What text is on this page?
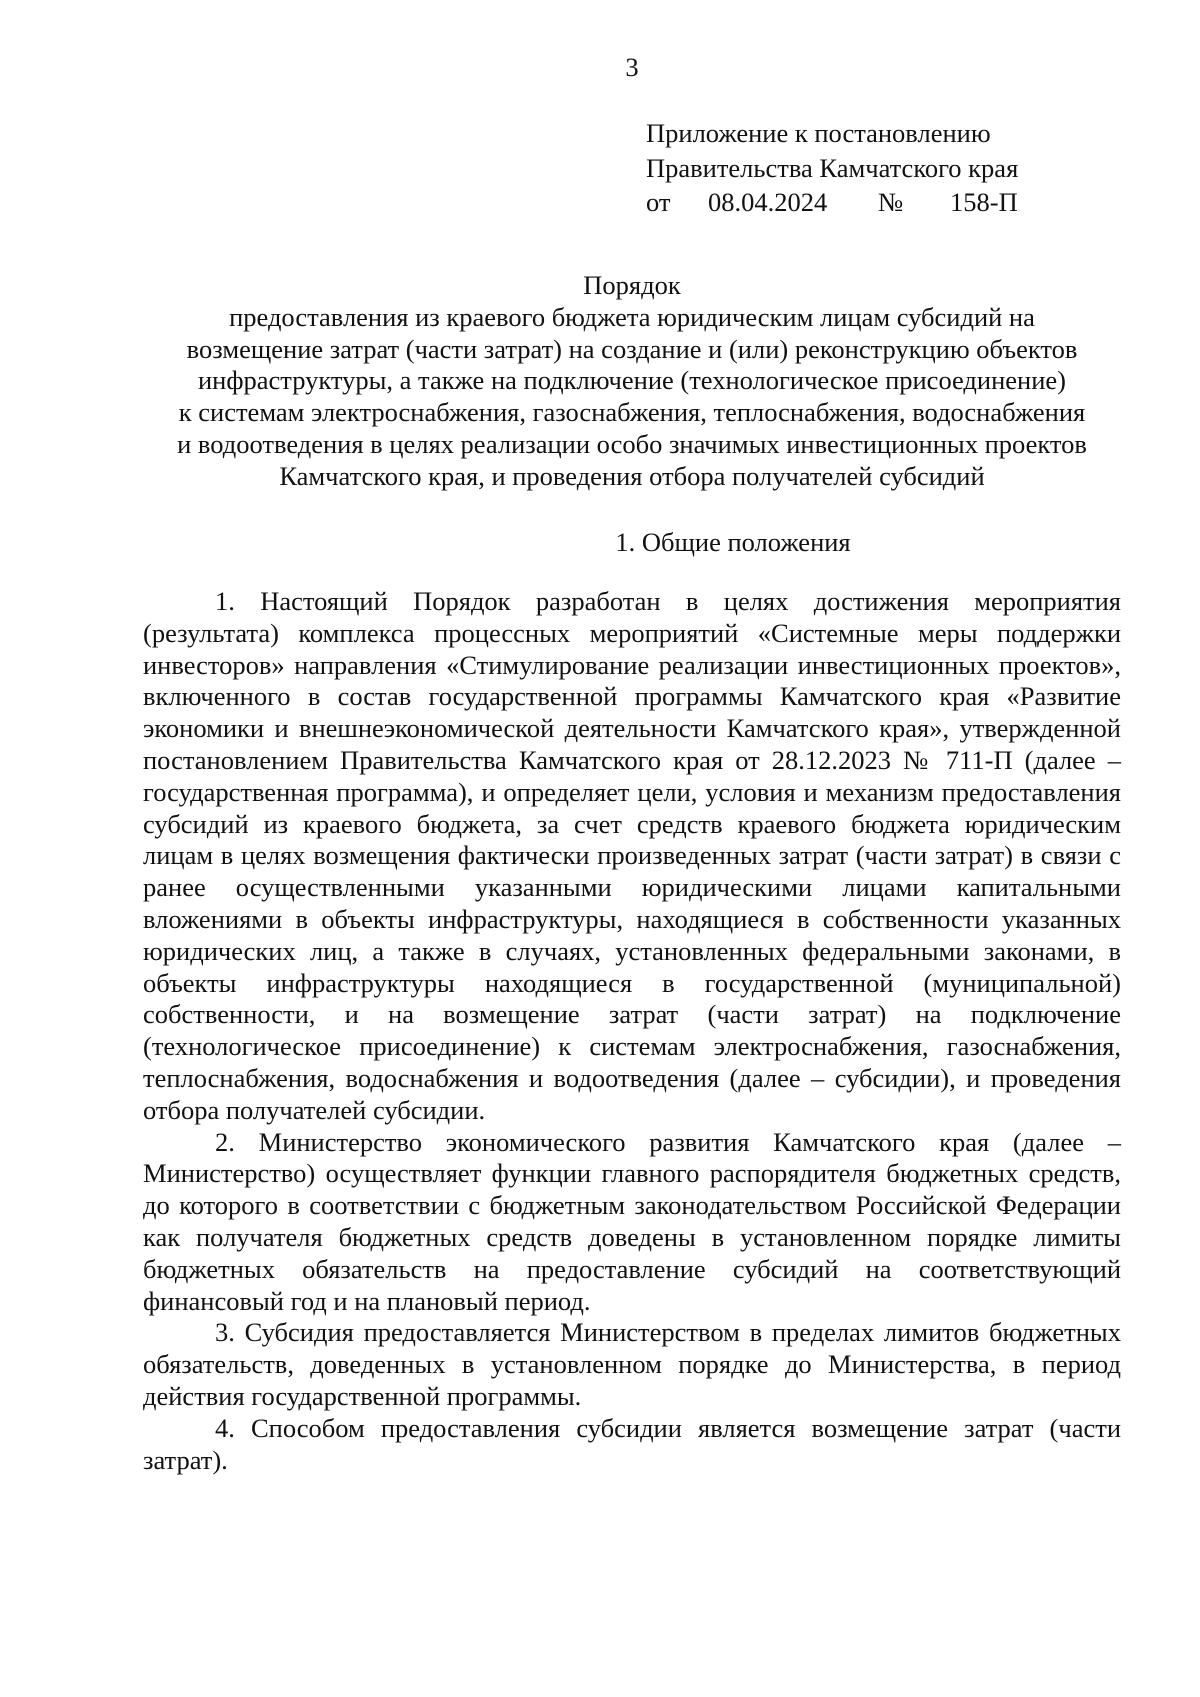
3
Приложение к постановлению
Правительства Камчатского края
от 08.04.2024 № 158-П
Порядок
предоставления из краевого бюджета юридическим лицам субсидий на
возмещение затрат (части затрат) на создание и (или) реконструкцию объектов
инфраструктуры, а также на подключение (технологическое присоединение)
к системам электроснабжения, газоснабжения, теплоснабжения, водоснабжения
и водоотведения в целях реализации особо значимых инвестиционных проектов
Камчатского края, и проведения отбора получателей субсидий
1. Общие положения

1. Настоящий Порядок разработан в целях достижения мероприятия (результата) комплекса процессных мероприятий «Системные меры поддержки инвесторов» направления «Стимулирование реализации инвестиционных проектов», включенного в состав государственной программы Камчатского края «Развитие экономики и внешнеэкономической деятельности Камчатского края», утвержденной постановлением Правительства Камчатского края от 28.12.2023 № 711-П (далее – государственная программа), и определяет цели, условия и механизм предоставления субсидий из краевого бюджета, за счет средств краевого бюджета юридическим лицам в целях возмещения фактически произведенных затрат (части затрат) в связи с ранее осуществленными указанными юридическими лицами капитальными вложениями в объекты инфраструктуры, находящиеся в собственности указанных юридических лиц, а также в случаях, установленных федеральными законами, в объекты инфраструктуры находящиеся в государственной (муниципальной) собственности, и на возмещение затрат (части затрат) на подключение (технологическое присоединение) к системам электроснабжения, газоснабжения, теплоснабжения, водоснабжения и водоотведения (далее – субсидии), и проведения отбора получателей субсидии.

2. Министерство экономического развития Камчатского края (далее – Министерство) осуществляет функции главного распорядителя бюджетных средств, до которого в соответствии с бюджетным законодательством Российской Федерации как получателя бюджетных средств доведены в установленном порядке лимиты бюджетных обязательств на предоставление субсидий на соответствующий финансовый год и на плановый период.

3. Субсидия предоставляется Министерством в пределах лимитов бюджетных обязательств, доведенных в установленном порядке до Министерства, в период действия государственной программы.

4. Способом предоставления субсидии является возмещение затрат (части затрат).
